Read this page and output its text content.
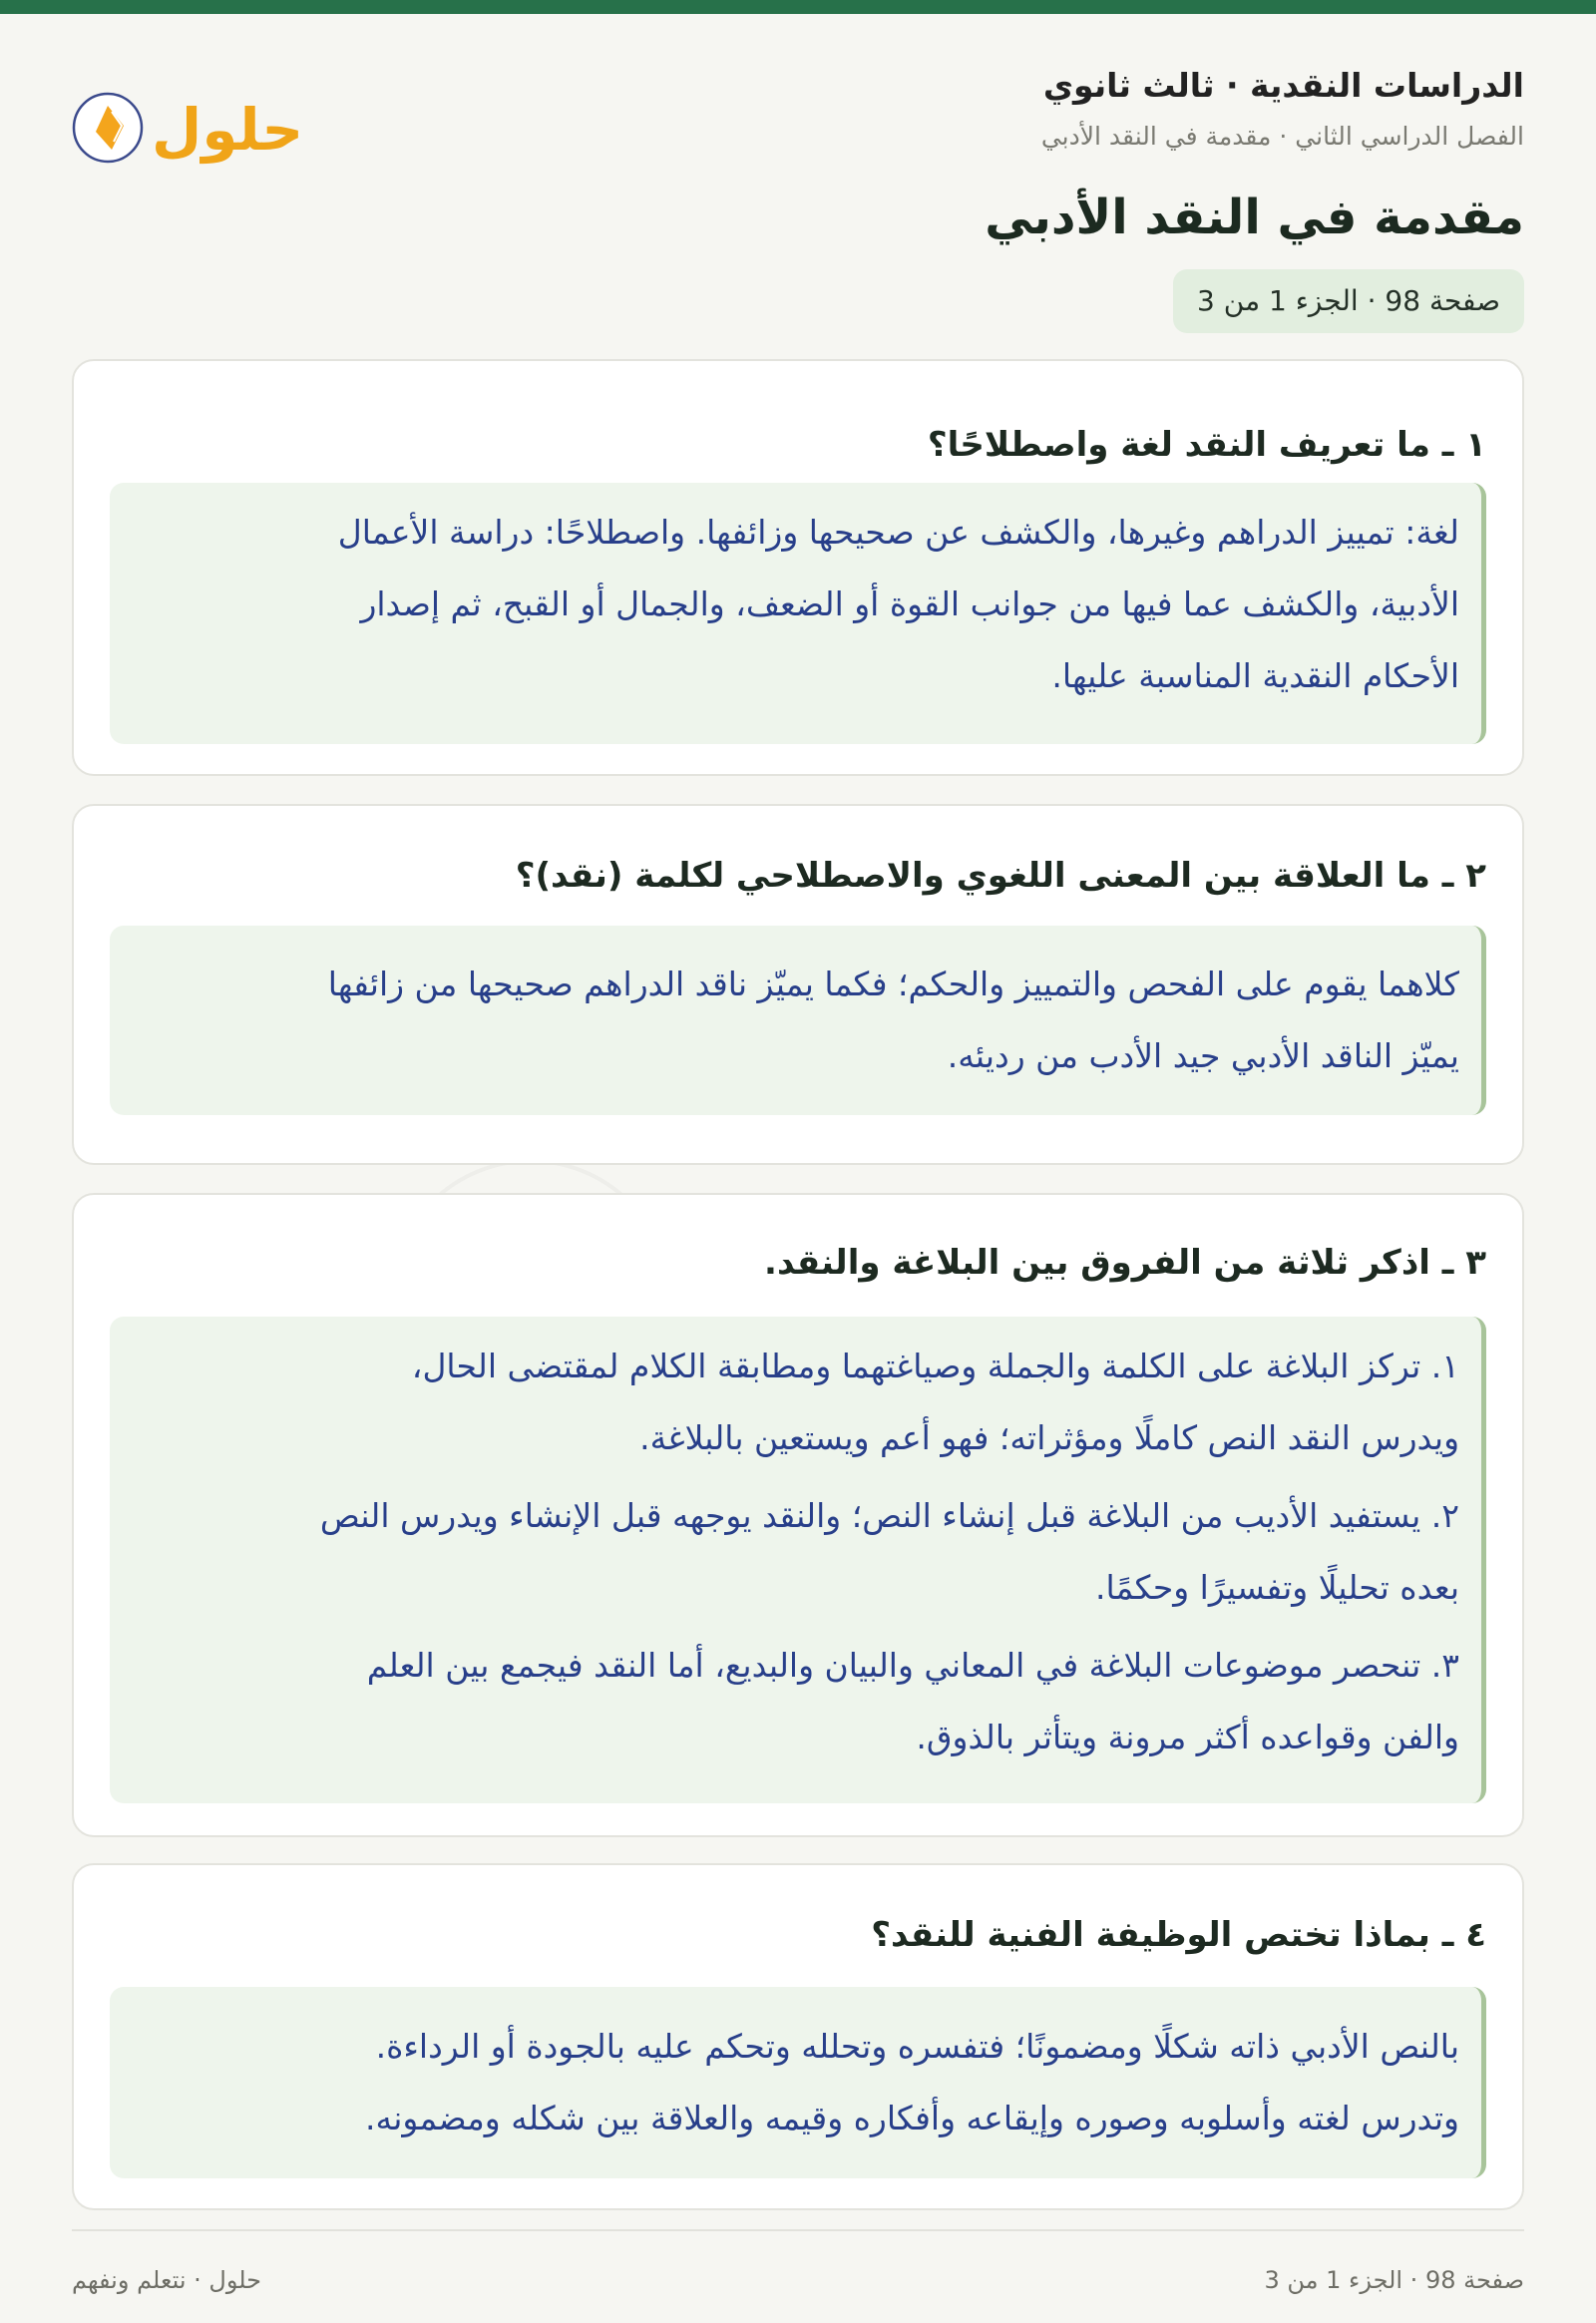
الدراسات النقدية · ثالث ثانوي
الفصل الدراسي الثاني · مقدمة في النقد الأدبي
مقدمة في النقد الأدبي
صفحة 98 · الجزء 1 من 3
حلول
١ ـ ما تعريف النقد لغة واصطلاحًا؟

لغة: تمييز الدراهم وغيرها، والكشف عن صحيحها وزائفها. واصطلاحًا: دراسة الأعمال

الأدبية، والكشف عما فيها من جوانب القوة أو الضعف، والجمال أو القبح، ثم إصدار

الأحكام النقدية المناسبة عليها.

٢ ـ ما العلاقة بين المعنى اللغوي والاصطلاحي لكلمة (نقد)؟

كلاهما يقوم على الفحص والتمييز والحكم؛ فكما يميّز ناقد الدراهم صحيحها من زائفها

يميّز الناقد الأدبي جيد الأدب من رديئه.

٣ ـ اذكر ثلاثة من الفروق بين البلاغة والنقد.

١. تركز البلاغة على الكلمة والجملة وصياغتهما ومطابقة الكلام لمقتضى الحال،

ويدرس النقد النص كاملًا ومؤثراته؛ فهو أعم ويستعين بالبلاغة.

٢. يستفيد الأديب من البلاغة قبل إنشاء النص؛ والنقد يوجهه قبل الإنشاء ويدرس النص

بعده تحليلًا وتفسيرًا وحكمًا.

٣. تنحصر موضوعات البلاغة في المعاني والبيان والبديع، أما النقد فيجمع بين العلم

والفن وقواعده أكثر مرونة ويتأثر بالذوق.

٤ ـ بماذا تختص الوظيفة الفنية للنقد؟

بالنص الأدبي ذاته شكلًا ومضمونًا؛ فتفسره وتحلله وتحكم عليه بالجودة أو الرداءة.

وتدرس لغته وأسلوبه وصوره وإيقاعه وأفكاره وقيمه والعلاقة بين شكله ومضمونه.

صفحة 98 · الجزء 1 من 3
حلول · نتعلم ونفهم
